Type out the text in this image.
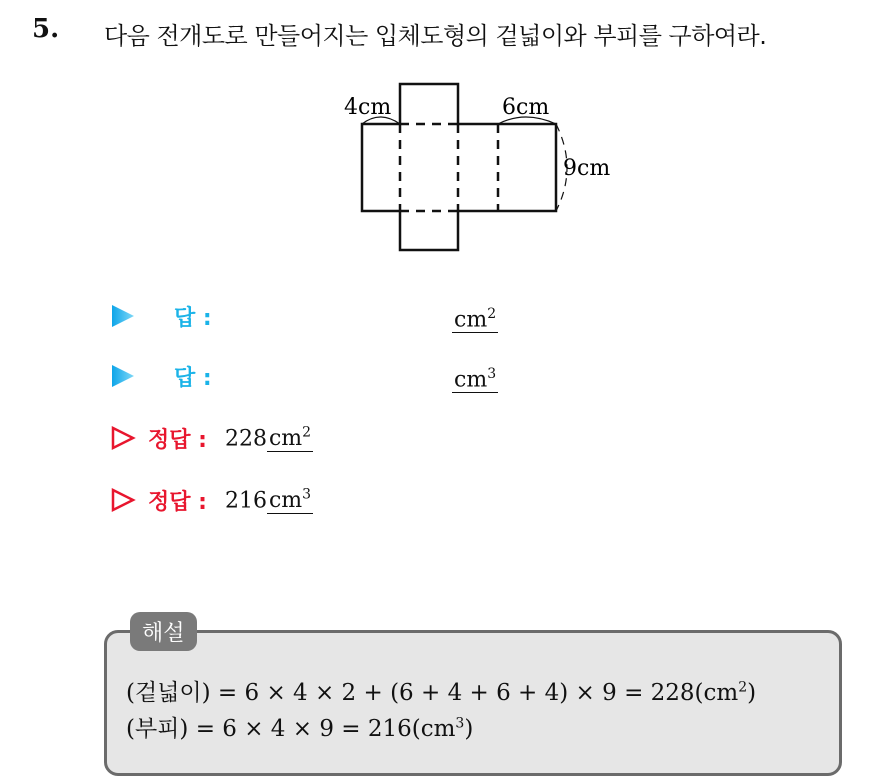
5. 다음 전개도로 만들어지는 입체도형의 겉넓이와 부피를 구하여라.
4cm	6cm
9cm
답 :	$cm^2$
답 :	$cm^3$
정답 : $228cm^2$
정답 : $216cm^3$
해설
(겉넓이) = $6 \times 4 \times 2 + (6 + 4 + 6 + 4) \times 9 = 228(cm^2)$
(부피) = $6 \times 4 \times 9 = 216(cm^3)$
